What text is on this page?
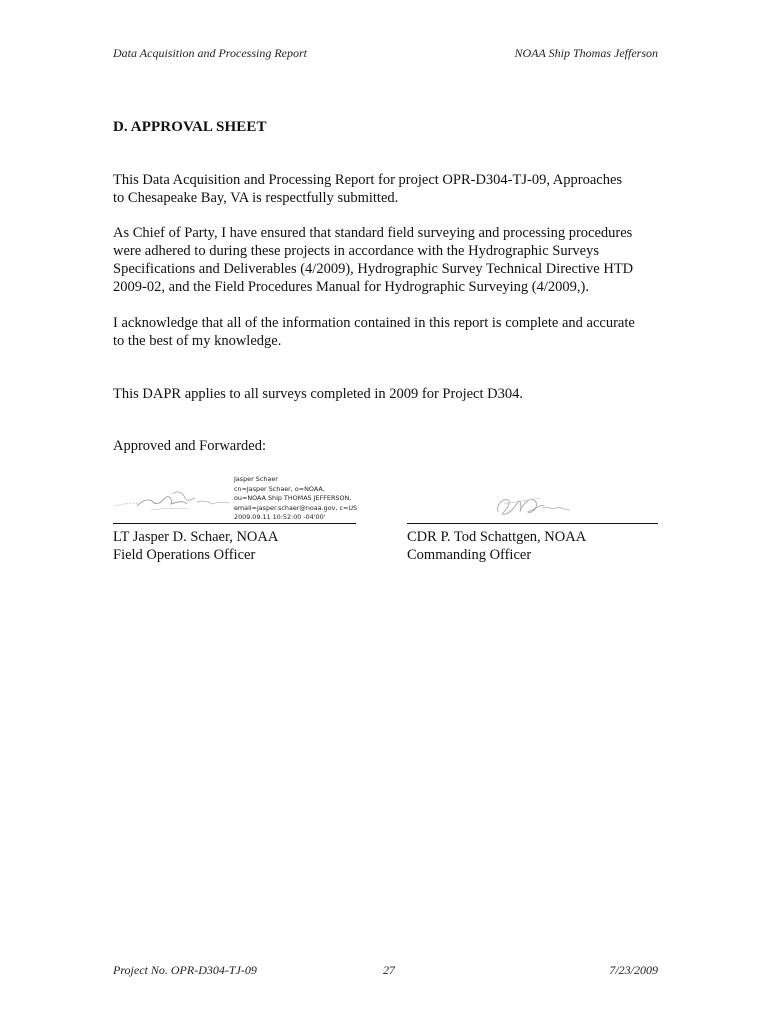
Data Acquisition and Processing Report	NOAA Ship Thomas Jefferson
D. APPROVAL SHEET

This Data Acquisition and Processing Report for project OPR-D304-TJ-09, Approaches
to Chesapeake Bay, VA is respectfully submitted.

As Chief of Party, I have ensured that standard field surveying and processing procedures
were adhered to during these projects in accordance with the Hydrographic Surveys
Specifications and Deliverables (4/2009), Hydrographic Survey Technical Directive HTD
2009-02, and the Field Procedures Manual for Hydrographic Surveying (4/2009,).

I acknowledge that all of the information contained in this report is complete and accurate
to the best of my knowledge.

This DAPR applies to all surveys completed in 2009 for Project D304.

Approved and Forwarded:

Jasper Schaer
cn=Jasper Schaer, o=NOAA,
ou=NOAA Ship THOMAS JEFFERSON,
email=jasper.schaer@noaa.gov, c=US
2009.09.11 10:52:00 -04'00'
LT Jasper D. Schaer, NOAA
Field Operations Officer
CDR P. Tod Schattgen, NOAA
Commanding Officer
Project No. OPR-D304-TJ-09	27	7/23/2009
